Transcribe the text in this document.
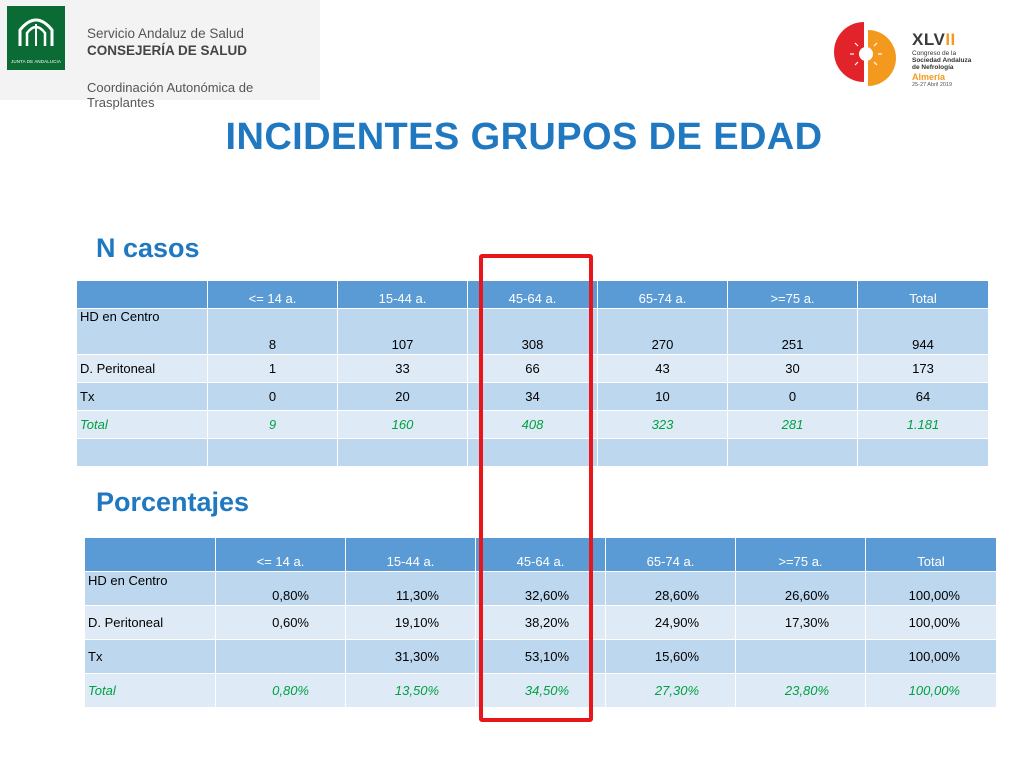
JUNTA DE ANDALUCIA
Servicio Andaluz de Salud
CONSEJERÍA DE SALUD
Coordinación Autonómica de Trasplantes
XLVII
Congreso de la
Sociedad Andaluza
de Nefrología
Almería
25-27 Abril 2019
INCIDENTES GRUPOS DE EDAD
N casos
	<= 14 a.	15-44 a.	45-64 a.	65-74 a.	>=75 a.	Total
HD en Centro	8	107	308	270	251	944
D. Peritoneal	1	33	66	43	30	173
Tx	0	20	34	10	0	64
Total	9	160	408	323	281	1.181

Porcentajes
	<= 14 a.	15-44 a.	45-64 a.	65-74 a.	>=75 a.	Total
HD en Centro	0,80%	11,30%	32,60%	28,60%	26,60%	100,00%
D. Peritoneal	0,60%	19,10%	38,20%	24,90%	17,30%	100,00%
Tx		31,30%	53,10%	15,60%		100,00%
Total	0,80%	13,50%	34,50%	27,30%	23,80%	100,00%
